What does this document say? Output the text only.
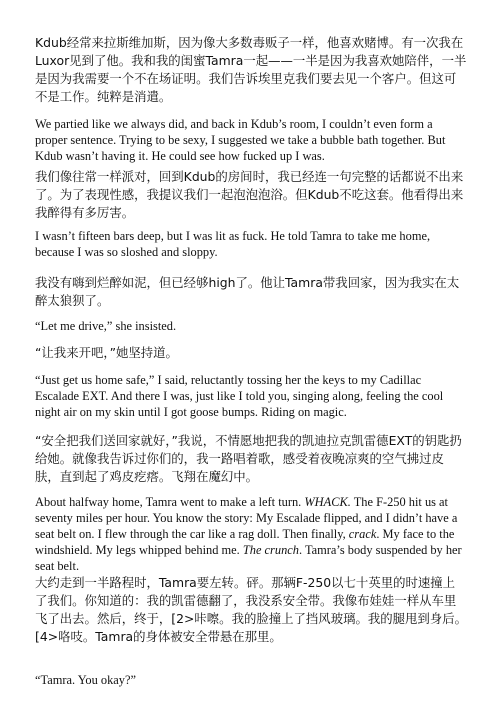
Kdub经常来拉斯维加斯，因为像大多数毒贩子一样，他喜欢赌博。有一次我在Luxor见到了他。我和我的闺蜜Tamra一起——一半是因为我喜欢她陪伴，一半是因为我需要一个不在场证明。我们告诉埃里克我们要去见一个客户。但这可不是工作。纯粹是消遣。

We partied like we always did, and back in Kdub’s room, I couldn’t even form a proper sentence. Trying to be sexy, I suggested we take a bubble bath together. But Kdub wasn’t having it. He could see how fucked up I was.

我们像往常一样派对，回到Kdub的房间时，我已经连一句完整的话都说不出来了。为了表现性感，我提议我们一起泡泡泡浴。但Kdub不吃这套。他看得出来我醉得有多厉害。

I wasn’t fifteen bars deep, but I was lit as fuck. He told Tamra to take me home, because I was so sloshed and sloppy.

我没有嗨到烂醉如泥，但已经够high了。他让Tamra带我回家，因为我实在太醉太狼狈了。

“Let me drive,” she insisted.

“让我来开吧，”她坚持道。

“Just get us home safe,” I said, reluctantly tossing her the keys to my Cadillac Escalade EXT. And there I was, just like I told you, singing along, feeling the cool night air on my skin until I got goose bumps. Riding on magic.

“安全把我们送回家就好，”我说，不情愿地把我的凯迪拉克凯雷德EXT的钥匙扔给她。就像我告诉过你们的，我一路唱着歌，感受着夜晚凉爽的空气拂过皮肤，直到起了鸡皮疙瘩。飞翔在魔幻中。

About halfway home, Tamra went to make a left turn. WHACK. The F-250 hit us at seventy miles per hour. You know the story: My Escalade flipped, and I didn’t have a seat belt on. I flew through the car like a rag doll. Then finally, crack. My face to the windshield. My legs whipped behind me. The crunch. Tamra’s body suspended by her seat belt.

大约走到一半路程时，Tamra要左转。砰。那辆F-250以七十英里的时速撞上了我们。你知道的：我的凯雷德翻了，我没系安全带。我像布娃娃一样从车里飞了出去。然后，终于，[2>咔嚓。我的脸撞上了挡风玻璃。我的腿甩到身后。[4>咯吱。Tamra的身体被安全带悬在那里。

“Tamra. You okay?”
